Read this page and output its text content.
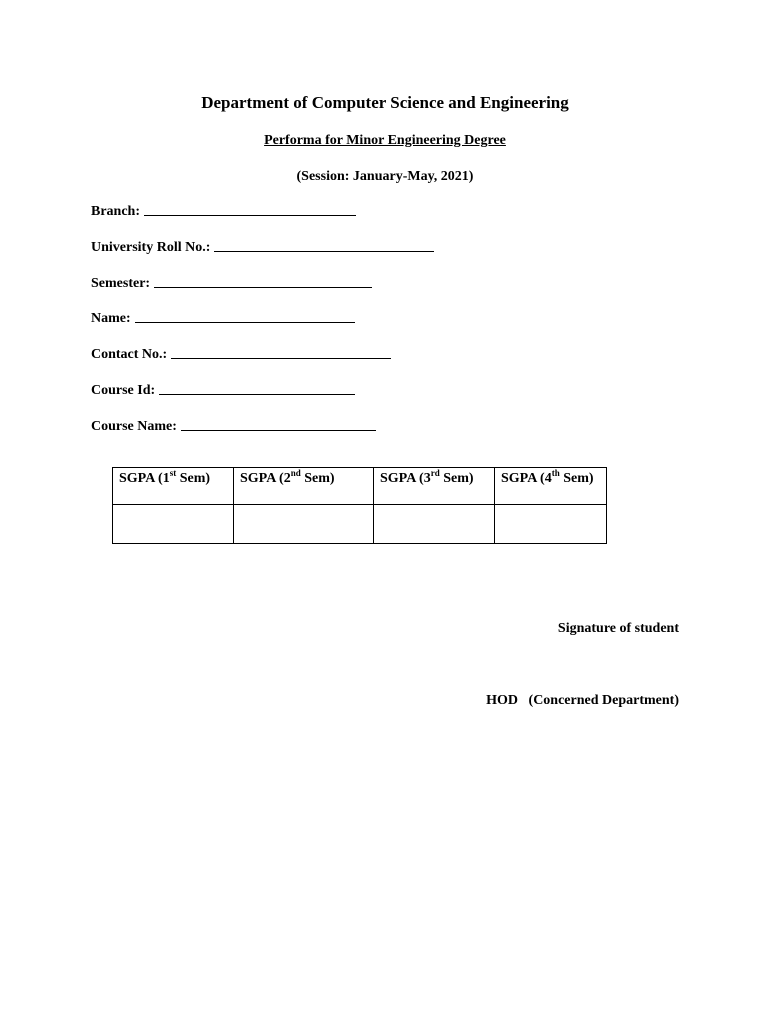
Department of Computer Science and Engineering
Performa for Minor Engineering Degree
(Session: January-May, 2021)
Branch:
University Roll No.:
Semester:
Name:
Contact No.:
Course Id:
Course Name:
SGPA (1st Sem)	SGPA (2nd Sem)	SGPA (3rd Sem)	SGPA (4th Sem)

Signature of student
HOD   (Concerned Department)
